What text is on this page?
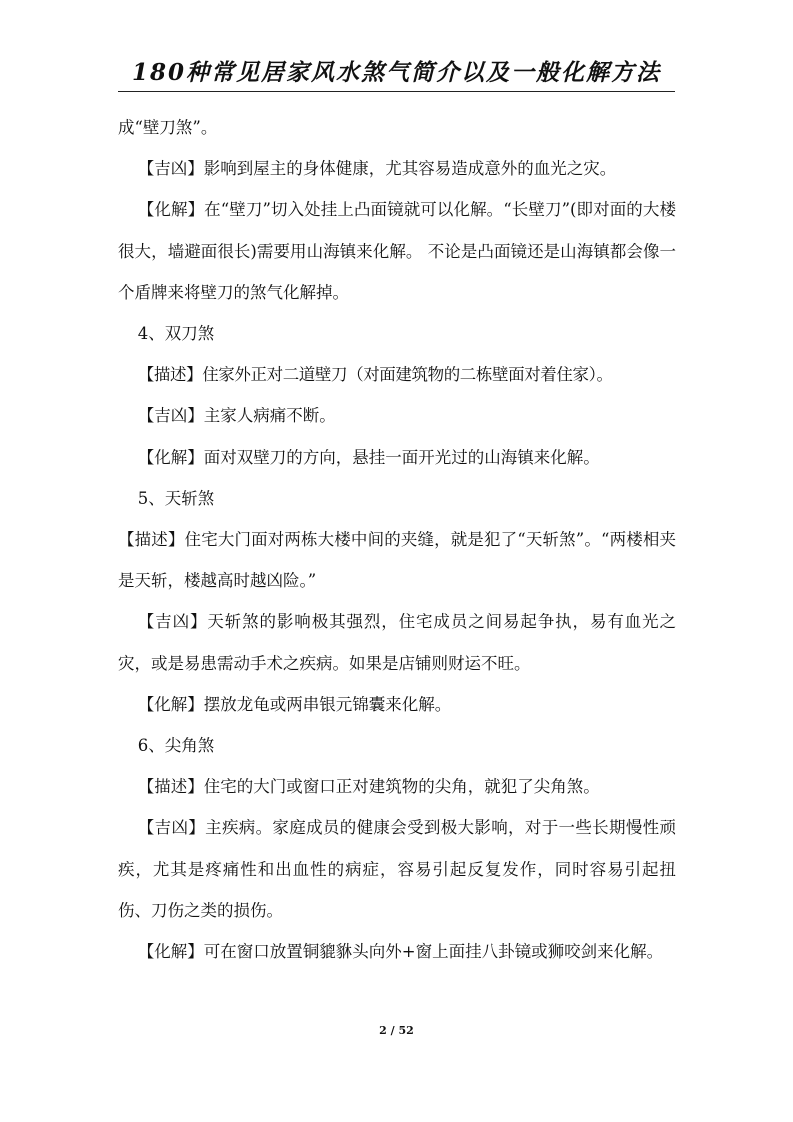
180种常见居家风水煞气简介以及一般化解方法

成“壁刀煞”。

【吉凶】影响到屋主的身体健康，尤其容易造成意外的血光之灾。

【化解】在“壁刀”切入处挂上凸面镜就可以化解。“长壁刀”(即对面的大楼很大，墙避面很长)需要用山海镇来化解。 不论是凸面镜还是山海镇都会像一个盾牌来将壁刀的煞气化解掉。

4、双刀煞

【描述】住家外正对二道壁刀（对面建筑物的二栋壁面对着住家）。

【吉凶】主家人病痛不断。

【化解】面对双壁刀的方向，悬挂一面开光过的山海镇来化解。

5、天斩煞

【描述】住宅大门面对两栋大楼中间的夹缝，就是犯了“天斩煞”。“两楼相夹是天斩，楼越高时越凶险。”

【吉凶】天斩煞的影响极其强烈，住宅成员之间易起争执，易有血光之灾，或是易患需动手术之疾病。如果是店铺则财运不旺。

【化解】摆放龙龟或两串银元锦囊来化解。

6、尖角煞

【描述】住宅的大门或窗口正对建筑物的尖角，就犯了尖角煞。

【吉凶】主疾病。家庭成员的健康会受到极大影响，对于一些长期慢性顽疾，尤其是疼痛性和出血性的病症，容易引起反复发作，同时容易引起扭伤、刀伤之类的损伤。

【化解】可在窗口放置铜貔貅头向外+窗上面挂八卦镜或狮咬剑来化解。

2 / 52
